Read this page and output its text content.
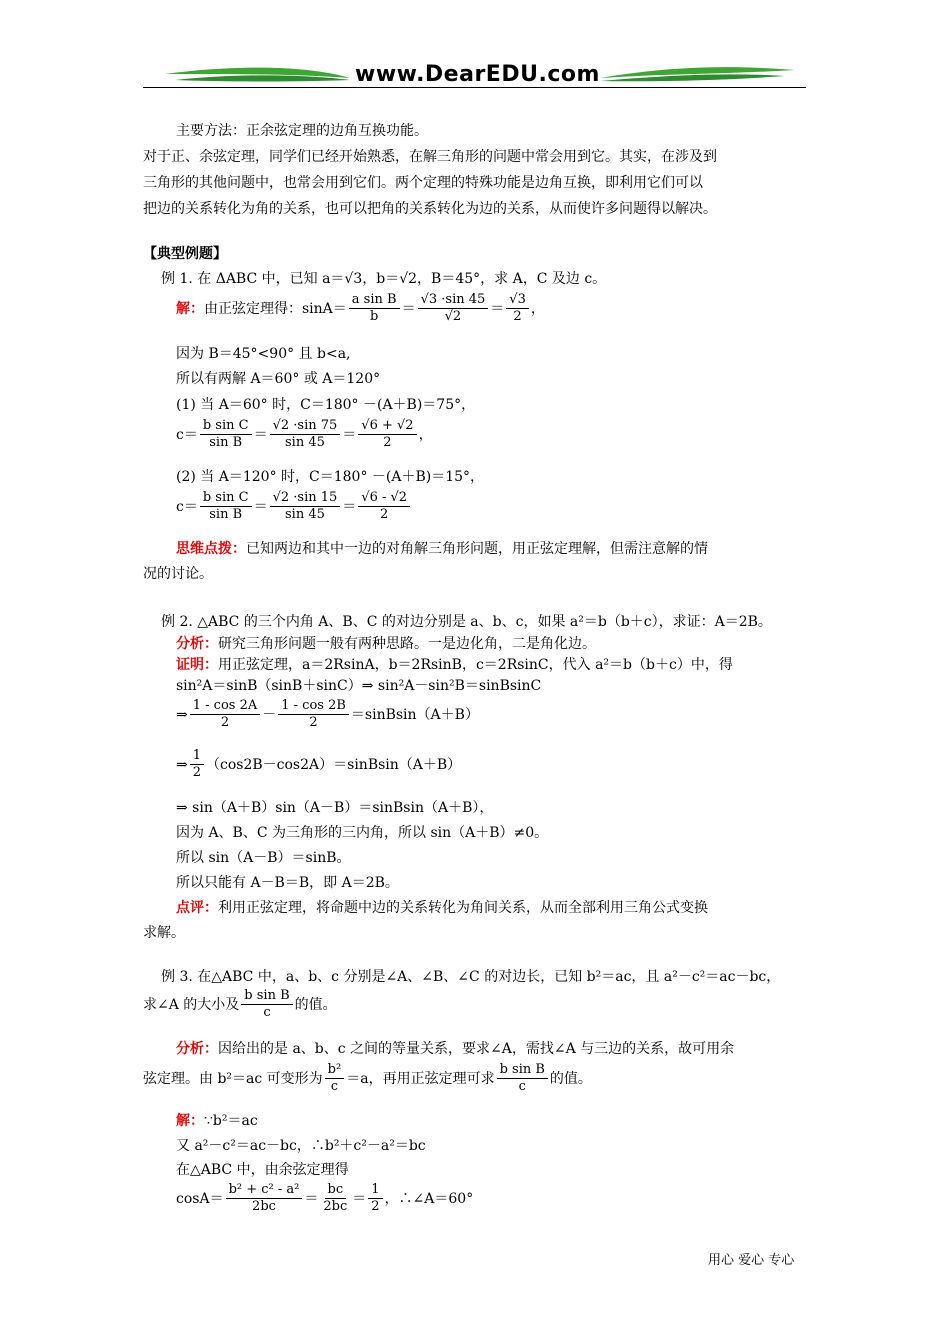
www.DearEDU.com
主要方法：正余弦定理的边角互换功能。
对于正、余弦定理，同学们已经开始熟悉，在解三角形的问题中常会用到它。其实，在涉及到
三角形的其他问题中，也常会用到它们。两个定理的特殊功能是边角互换，即利用它们可以
把边的关系转化为角的关系，也可以把角的关系转化为边的关系，从而使许多问题得以解决。
【典型例题】
例 1. 在 ΔABC 中，已知 a＝√3，b＝√2，B＝45°，求 A，C 及边 c。
解： 由正弦定理得：$\sin A= \frac{\text{a sin B}}{b} = \frac{√3 \cdot\sin 45}{√2} = \frac{√3}{2}$ ，
因为 B＝45°<90° 且 b<a,
所以有两解 A＝60° 或 A＝120°
(1) 当 A＝60° 时，C＝180° －(A＋B)＝75°，
$c= \frac{\text{b sin C}}{\text{sin B}} = \frac{√2 \cdot\sin 75}{\sin 45} = \frac{√6 + √2}{2}$ ，
(2) 当 A＝120° 时，C＝180° －(A＋B)＝15°，
$c= \frac{\text{b sin C}}{\text{sin B}} = \frac{√2 \cdot\sin 15}{\sin 45} = \frac{√6 - √2}{2}$
思维点拨：已知两边和其中一边的对角解三角形问题，用正弦定理解，但需注意解的情
况的讨论。
例 2. △ABC 的三个内角 A、B、C 的对边分别是 a、b、c，如果 a²＝b（b＋c），求证：A＝2B。
分析：研究三角形问题一般有两种思路。一是边化角，二是角化边。
证明：用正弦定理，a＝2RsinA，b＝2RsinB，c＝2RsinC，代入 a²＝b（b＋c）中，得
sin²A＝sinB（sinB＋sinC）⇒ sin²A－sin²B＝sinBsinC
⇒ $\frac{1 - \cos 2A}{2} - \frac{1 - \cos 2B}{2}$ ＝sinBsin（A＋B）
⇒ $\frac{1}{2}$ （cos2B－cos2A）＝sinBsin（A＋B）
⇒ sin（A＋B）sin（A－B）＝sinBsin（A＋B），
因为 A、B、C 为三角形的三内角，所以 sin（A＋B）≠0。
所以 sin（A－B）＝sinB。
所以只能有 A－B＝B，即 A＝2B。
点评：利用正弦定理，将命题中边的关系转化为角间关系，从而全部利用三角公式变换
求解。
例 3. 在△ABC 中，a、b、c 分别是∠A、∠B、∠C 的对边长，已知 b²＝ac，且 a²－c²＝ac－bc，
求∠A 的大小及 $\frac{\text{b sin B}}{c}$ 的值。
分析：因给出的是 a、b、c 之间的等量关系，要求∠A，需找∠A 与三边的关系，故可用余
弦定理。由 b²＝ac 可变形为 $\frac{\text{b²}}{c} =a$，再用正弦定理可求 $\frac{\text{b sin B}}{c}$ 的值。
解：∵b²＝ac
又 a²－c²＝ac－bc，∴b²＋c²－a²＝bc
在△ABC 中，由余弦定理得
$\cos A= \frac{\text{b² + c² - a²}}{2bc} = \frac{bc}{2bc} = \frac{1}{2}$ ，∴∠A＝60°
用心 爱心 专心
